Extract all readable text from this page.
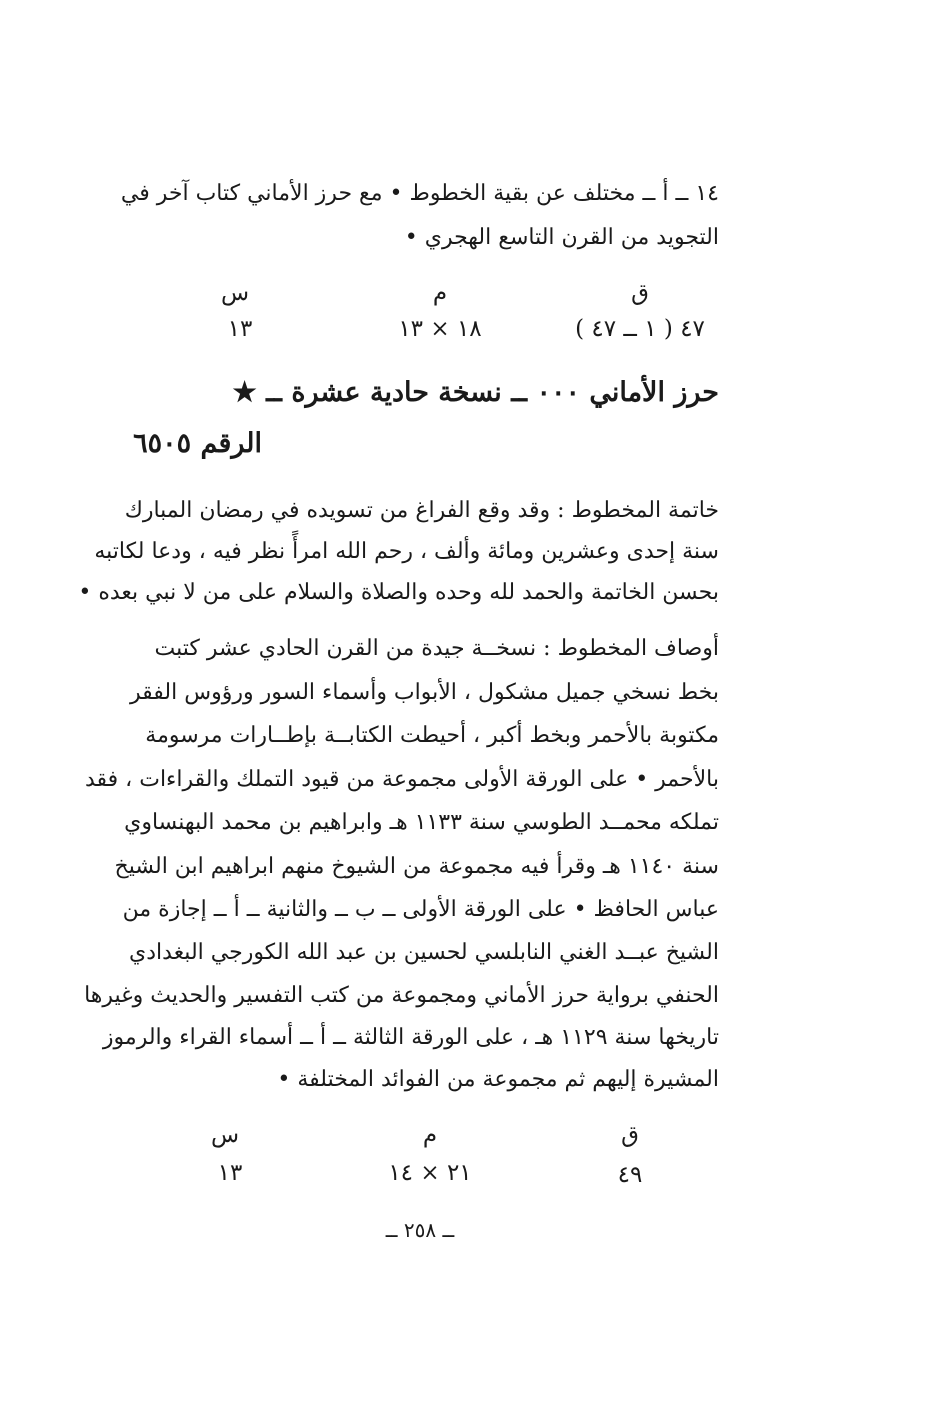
١٤ ــ أ ــ مختلف عن بقية الخطوط • مع حرز الأماني كتاب آخر في
التجويد من القرن التاسع الهجري •
ق
م
س
٤٧ ( ١ ــ ٤٧ )
١٨ × ١٣
١٣
حرز الأماني ٠٠٠ ــ نسخة حادية عشرة ــ ★
الرقم ٦٥٠٥
خاتمة المخطوط : وقد وقع الفراغ من تسويده في رمضان المبارك
سنة إحدى وعشرين ومائة وألف ، رحم الله امرأً نظر فيه ، ودعا لكاتبه
بحسن الخاتمة والحمد لله وحده والصلاة والسلام على من لا نبي بعده •
أوصاف المخطوط : نسخــة جيدة من القرن الحادي عشر كتبت
بخط نسخي جميل مشكول ، الأبواب وأسماء السور ورؤوس الفقر
مكتوبة بالأحمر وبخط أكبر ، أحيطت الكتابــة بإطــارات مرسومة
بالأحمر • على الورقة الأولى مجموعة من قيود التملك والقراءات ، فقد
تملكه محمــد الطوسي سنة ١١٣٣ هـ وابراهيم بن محمد البهنساوي
سنة ١١٤٠ هـ وقرأ فيه مجموعة من الشيوخ منهم ابراهيم ابن الشيخ
عباس الحافظ • على الورقة الأولى ــ ب ــ والثانية ــ أ ــ إجازة من
الشيخ عبــد الغني النابلسي لحسين بن عبد الله الكورجي البغدادي
الحنفي برواية حرز الأماني ومجموعة من كتب التفسير والحديث وغيرها
تاريخها سنة ١١٢٩ هـ ، على الورقة الثالثة ــ أ ــ أسماء القراء والرموز
المشيرة إليهم ثم مجموعة من الفوائد المختلفة •
ق
م
س
٤٩
٢١ × ١٤
١٣
ــ ٢٥٨ ــ
